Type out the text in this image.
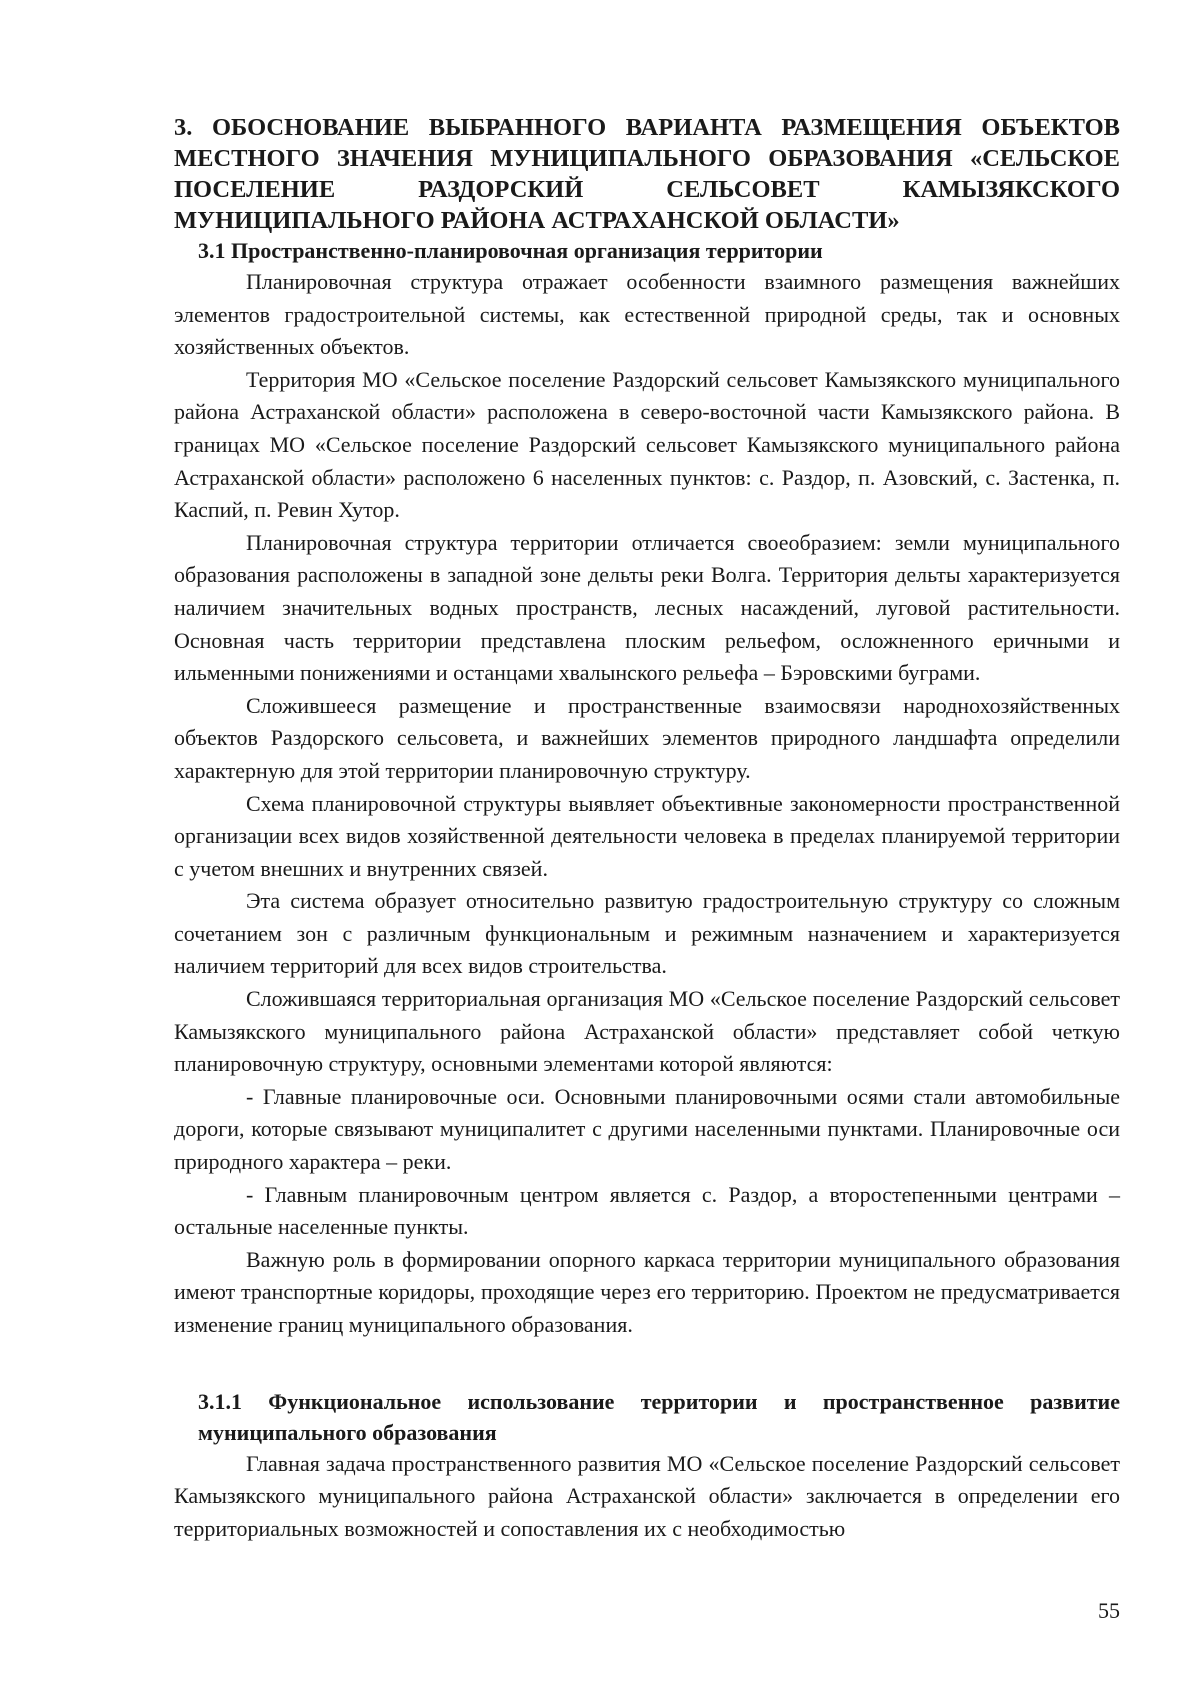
3. ОБОСНОВАНИЕ ВЫБРАННОГО ВАРИАНТА РАЗМЕЩЕНИЯ ОБЪЕКТОВ МЕСТНОГО ЗНАЧЕНИЯ МУНИЦИПАЛЬНОГО ОБРАЗОВАНИЯ «СЕЛЬСКОЕ ПОСЕЛЕНИЕ РАЗДОРСКИЙ СЕЛЬСОВЕТ КАМЫЗЯКСКОГО МУНИЦИПАЛЬНОГО РАЙОНА АСТРАХАНСКОЙ ОБЛАСТИ»
3.1 Пространственно-планировочная организация территории

Планировочная структура отражает особенности взаимного размещения важнейших элементов градостроительной системы, как естественной природной среды, так и основных хозяйственных объектов.

Территория МО «Сельское поселение Раздорский сельсовет Камызякского муниципального района Астраханской области» расположена в северо-восточной части Камызякского района. В границах МО «Сельское поселение Раздорский сельсовет Камызякского муниципального района Астраханской области» расположено 6 населенных пунктов: с. Раздор, п. Азовский, с. Застенка, п. Каспий, п. Ревин Хутор.

Планировочная структура территории отличается своеобразием: земли муниципального образования расположены в западной зоне дельты реки Волга. Территория дельты характеризуется наличием значительных водных пространств, лесных насаждений, луговой растительности. Основная часть территории представлена плоским рельефом, осложненного еричными и ильменными понижениями и останцами хвалынского рельефа – Бэровскими буграми.

Сложившееся размещение и пространственные взаимосвязи народнохозяйственных объектов Раздорского сельсовета, и важнейших элементов природного ландшафта определили характерную для этой территории планировочную структуру.

Схема планировочной структуры выявляет объективные закономерности пространственной организации всех видов хозяйственной деятельности человека в пределах планируемой территории с учетом внешних и внутренних связей.

Эта система образует относительно развитую градостроительную структуру со сложным сочетанием зон с различным функциональным и режимным назначением и характеризуется наличием территорий для всех видов строительства.

Сложившаяся территориальная организация МО «Сельское поселение Раздорский сельсовет Камызякского муниципального района Астраханской области» представляет собой четкую планировочную структуру, основными элементами которой являются:

- Главные планировочные оси. Основными планировочными осями стали автомобильные дороги, которые связывают муниципалитет с другими населенными пунктами. Планировочные оси природного характера – реки.

- Главным планировочным центром является с. Раздор, а второстепенными центрами – остальные населенные пункты.

Важную роль в формировании опорного каркаса территории муниципального образования имеют транспортные коридоры, проходящие через его территорию. Проектом не предусматривается изменение границ муниципального образования.

3.1.1 Функциональное использование территории и пространственное развитие муниципального образования

Главная задача пространственного развития МО «Сельское поселение Раздорский сельсовет Камызякского муниципального района Астраханской области» заключается в определении его территориальных возможностей и сопоставления их с необходимостью

55
